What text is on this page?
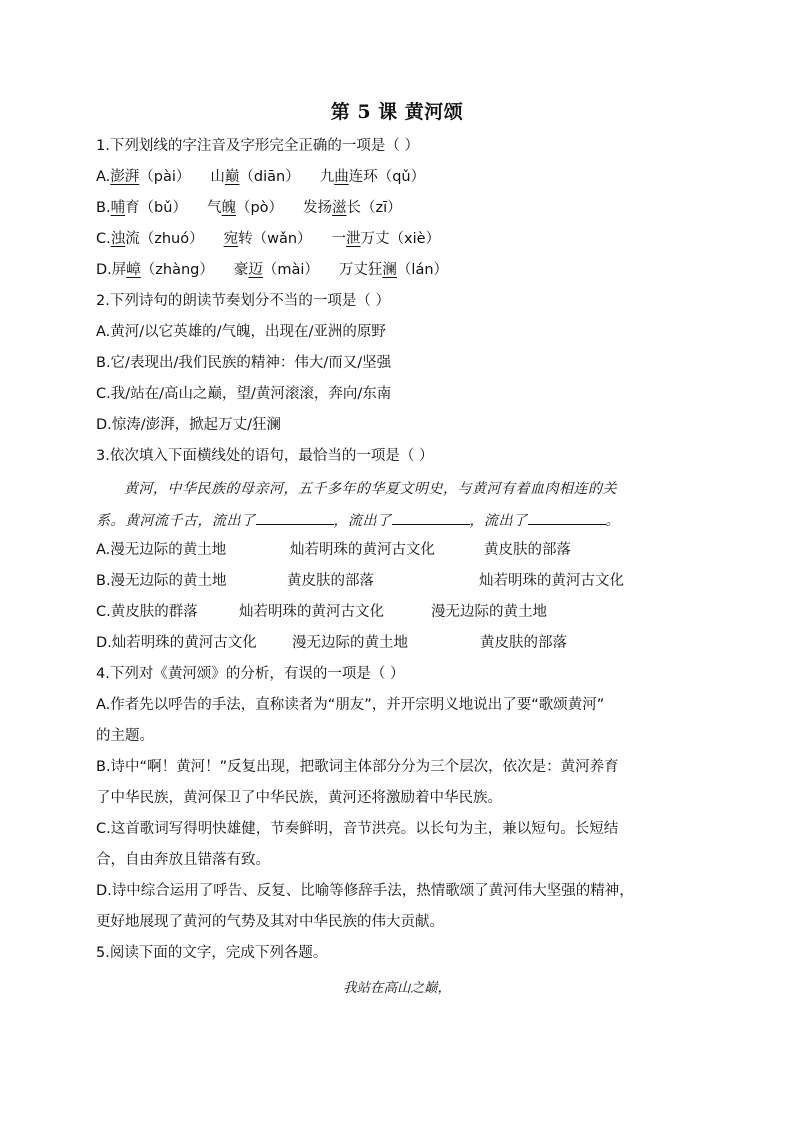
第 5 课 黄河颂
1.下列划线的字注音及字形完全正确的一项是（ ）
A.澎湃（pài） 山巅（diān） 九曲连环（qǔ）
B.哺育（bǔ） 气魄（pò） 发扬滋长（zī）
C.浊流（zhuó） 宛转（wǎn） 一泄万丈（xiè）
D.屏嶂（zhàng） 豪迈（mài） 万丈狂澜（lán）
2.下列诗句的朗读节奏划分不当的一项是（ ）
A.黄河/以它英雄的/气魄，出现在/亚洲的原野
B.它/表现出/我们民族的精神：伟大/而又/坚强
C.我/站在/高山之巅，望/黄河滚滚，奔向/东南
D.惊涛/澎湃，掀起万丈/狂澜
3.依次填入下面横线处的语句，最恰当的一项是（ ）
黄河，中华民族的母亲河，五千多年的华夏文明史，与黄河有着血肉相连的关
系。黄河流千古，流出了	，流出了	，流出了	。
A.漫无边际的黄土地	灿若明珠的黄河古文化	黄皮肤的部落
B.漫无边际的黄土地	黄皮肤的部落	灿若明珠的黄河古文化
C.黄皮肤的群落	灿若明珠的黄河古文化	漫无边际的黄土地
D.灿若明珠的黄河古文化 漫无边际的黄土地	黄皮肤的部落
4.下列对《黄河颂》的分析，有误的一项是（ ）
A.作者先以呼告的手法，直称读者为“朋友”，并开宗明义地说出了要“歌颂黄河”
的主题。
B.诗中“啊！黄河！”反复出现，把歌词主体部分分为三个层次，依次是：黄河养育
了中华民族，黄河保卫了中华民族，黄河还将激励着中华民族。
C.这首歌词写得明快雄健，节奏鲜明，音节洪亮。以长句为主，兼以短句。长短结
合，自由奔放且错落有致。
D.诗中综合运用了呼告、反复、比喻等修辞手法，热情歌颂了黄河伟大坚强的精神，
更好地展现了黄河的气势及其对中华民族的伟大贡献。
5.阅读下面的文字，完成下列各题。
我站在高山之巅，
